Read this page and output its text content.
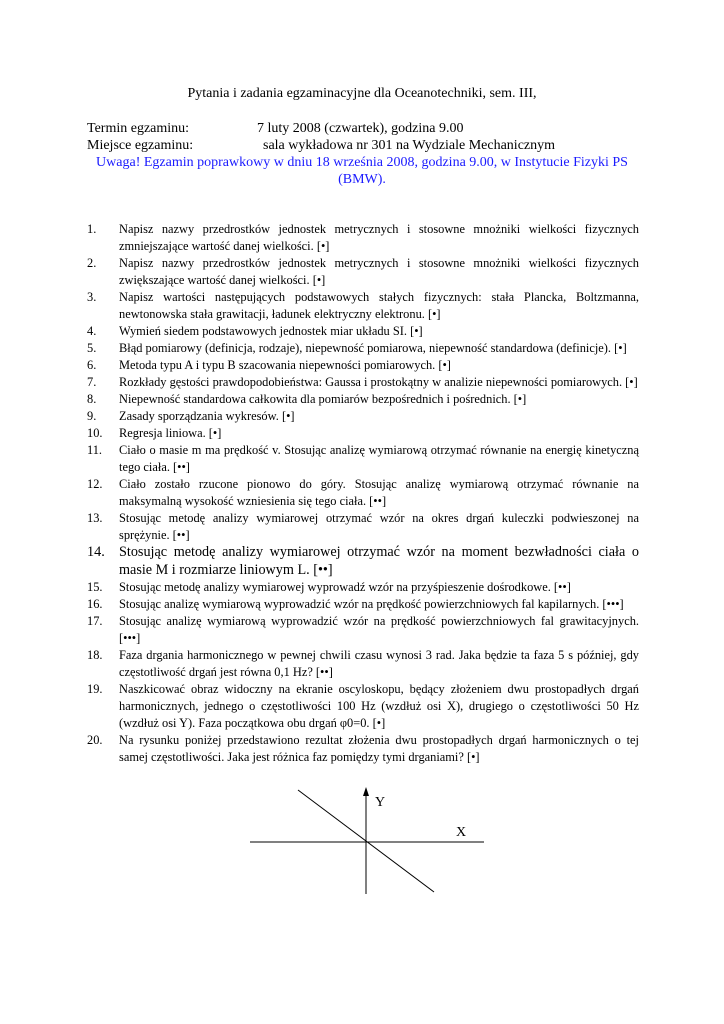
Pytania i zadania egzaminacyjne dla Oceanotechniki, sem. III,
Termin egzaminu:	7 luty 2008 (czwartek), godzina 9.00
Miejsce egzaminu:	sala wykładowa nr 301 na Wydziale Mechanicznym
Uwaga! Egzamin poprawkowy w dniu 18 września 2008, godzina 9.00, w Instytucie Fizyki PS (BMW).
1. Napisz nazwy przedrostków jednostek metrycznych i stosowne mnożniki wielkości fizycznych zmniejszające wartość danej wielkości. [•]
2. Napisz nazwy przedrostków jednostek metrycznych i stosowne mnożniki wielkości fizycznych zwiększające wartość danej wielkości. [•]
3. Napisz wartości następujących podstawowych stałych fizycznych: stała Plancka, Boltzmanna, newtonowska stała grawitacji, ładunek elektryczny elektronu. [•]
4. Wymień siedem podstawowych jednostek miar układu SI. [•]
5. Błąd pomiarowy (definicja, rodzaje), niepewność pomiarowa, niepewność standardowa (definicje). [•]
6. Metoda typu A i typu B szacowania niepewności pomiarowych. [•]
7. Rozkłady gęstości prawdopodobieństwa: Gaussa i prostokątny w analizie niepewności pomiarowych. [•]
8. Niepewność standardowa całkowita dla pomiarów bezpośrednich i pośrednich. [•]
9. Zasady sporządzania wykresów. [•]
10. Regresja liniowa. [•]
11. Ciało o masie m ma prędkość v. Stosując analizę wymiarową otrzymać równanie na energię kinetyczną tego ciała. [••]
12. Ciało zostało rzucone pionowo do góry. Stosując analizę wymiarową otrzymać równanie na maksymalną wysokość wzniesienia się tego ciała. [••]
13. Stosując metodę analizy wymiarowej otrzymać wzór na okres drgań kuleczki podwieszonej na sprężynie. [••]
14. Stosując metodę analizy wymiarowej otrzymać wzór na moment bezwładności ciała o masie M i rozmiarze liniowym L. [••]
15. Stosując metodę analizy wymiarowej wyprowadź wzór na przyśpieszenie dośrodkowe. [••]
16. Stosując analizę wymiarową wyprowadzić wzór na prędkość powierzchniowych fal kapilarnych. [•••]
17. Stosując analizę wymiarową wyprowadzić wzór na prędkość powierzchniowych fal grawitacyjnych. [•••]
18. Faza drgania harmonicznego w pewnej chwili czasu wynosi 3 rad. Jaka będzie ta faza 5 s później, gdy częstotliwość drgań jest równa 0,1 Hz? [••]
19. Naszkicować obraz widoczny na ekranie oscyloskopu, będący złożeniem dwu prostopadłych drgań harmonicznych, jednego o częstotliwości 100 Hz (wzdłuż osi X), drugiego o częstotliwości 50 Hz (wzdłuż osi Y). Faza początkowa obu drgań φ0=0. [•]
20. Na rysunku poniżej przedstawiono rezultat złożenia dwu prostopadłych drgań harmonicznych o tej samej częstotliwości. Jaka jest różnica faz pomiędzy tymi drganiami? [•]
Y
X
